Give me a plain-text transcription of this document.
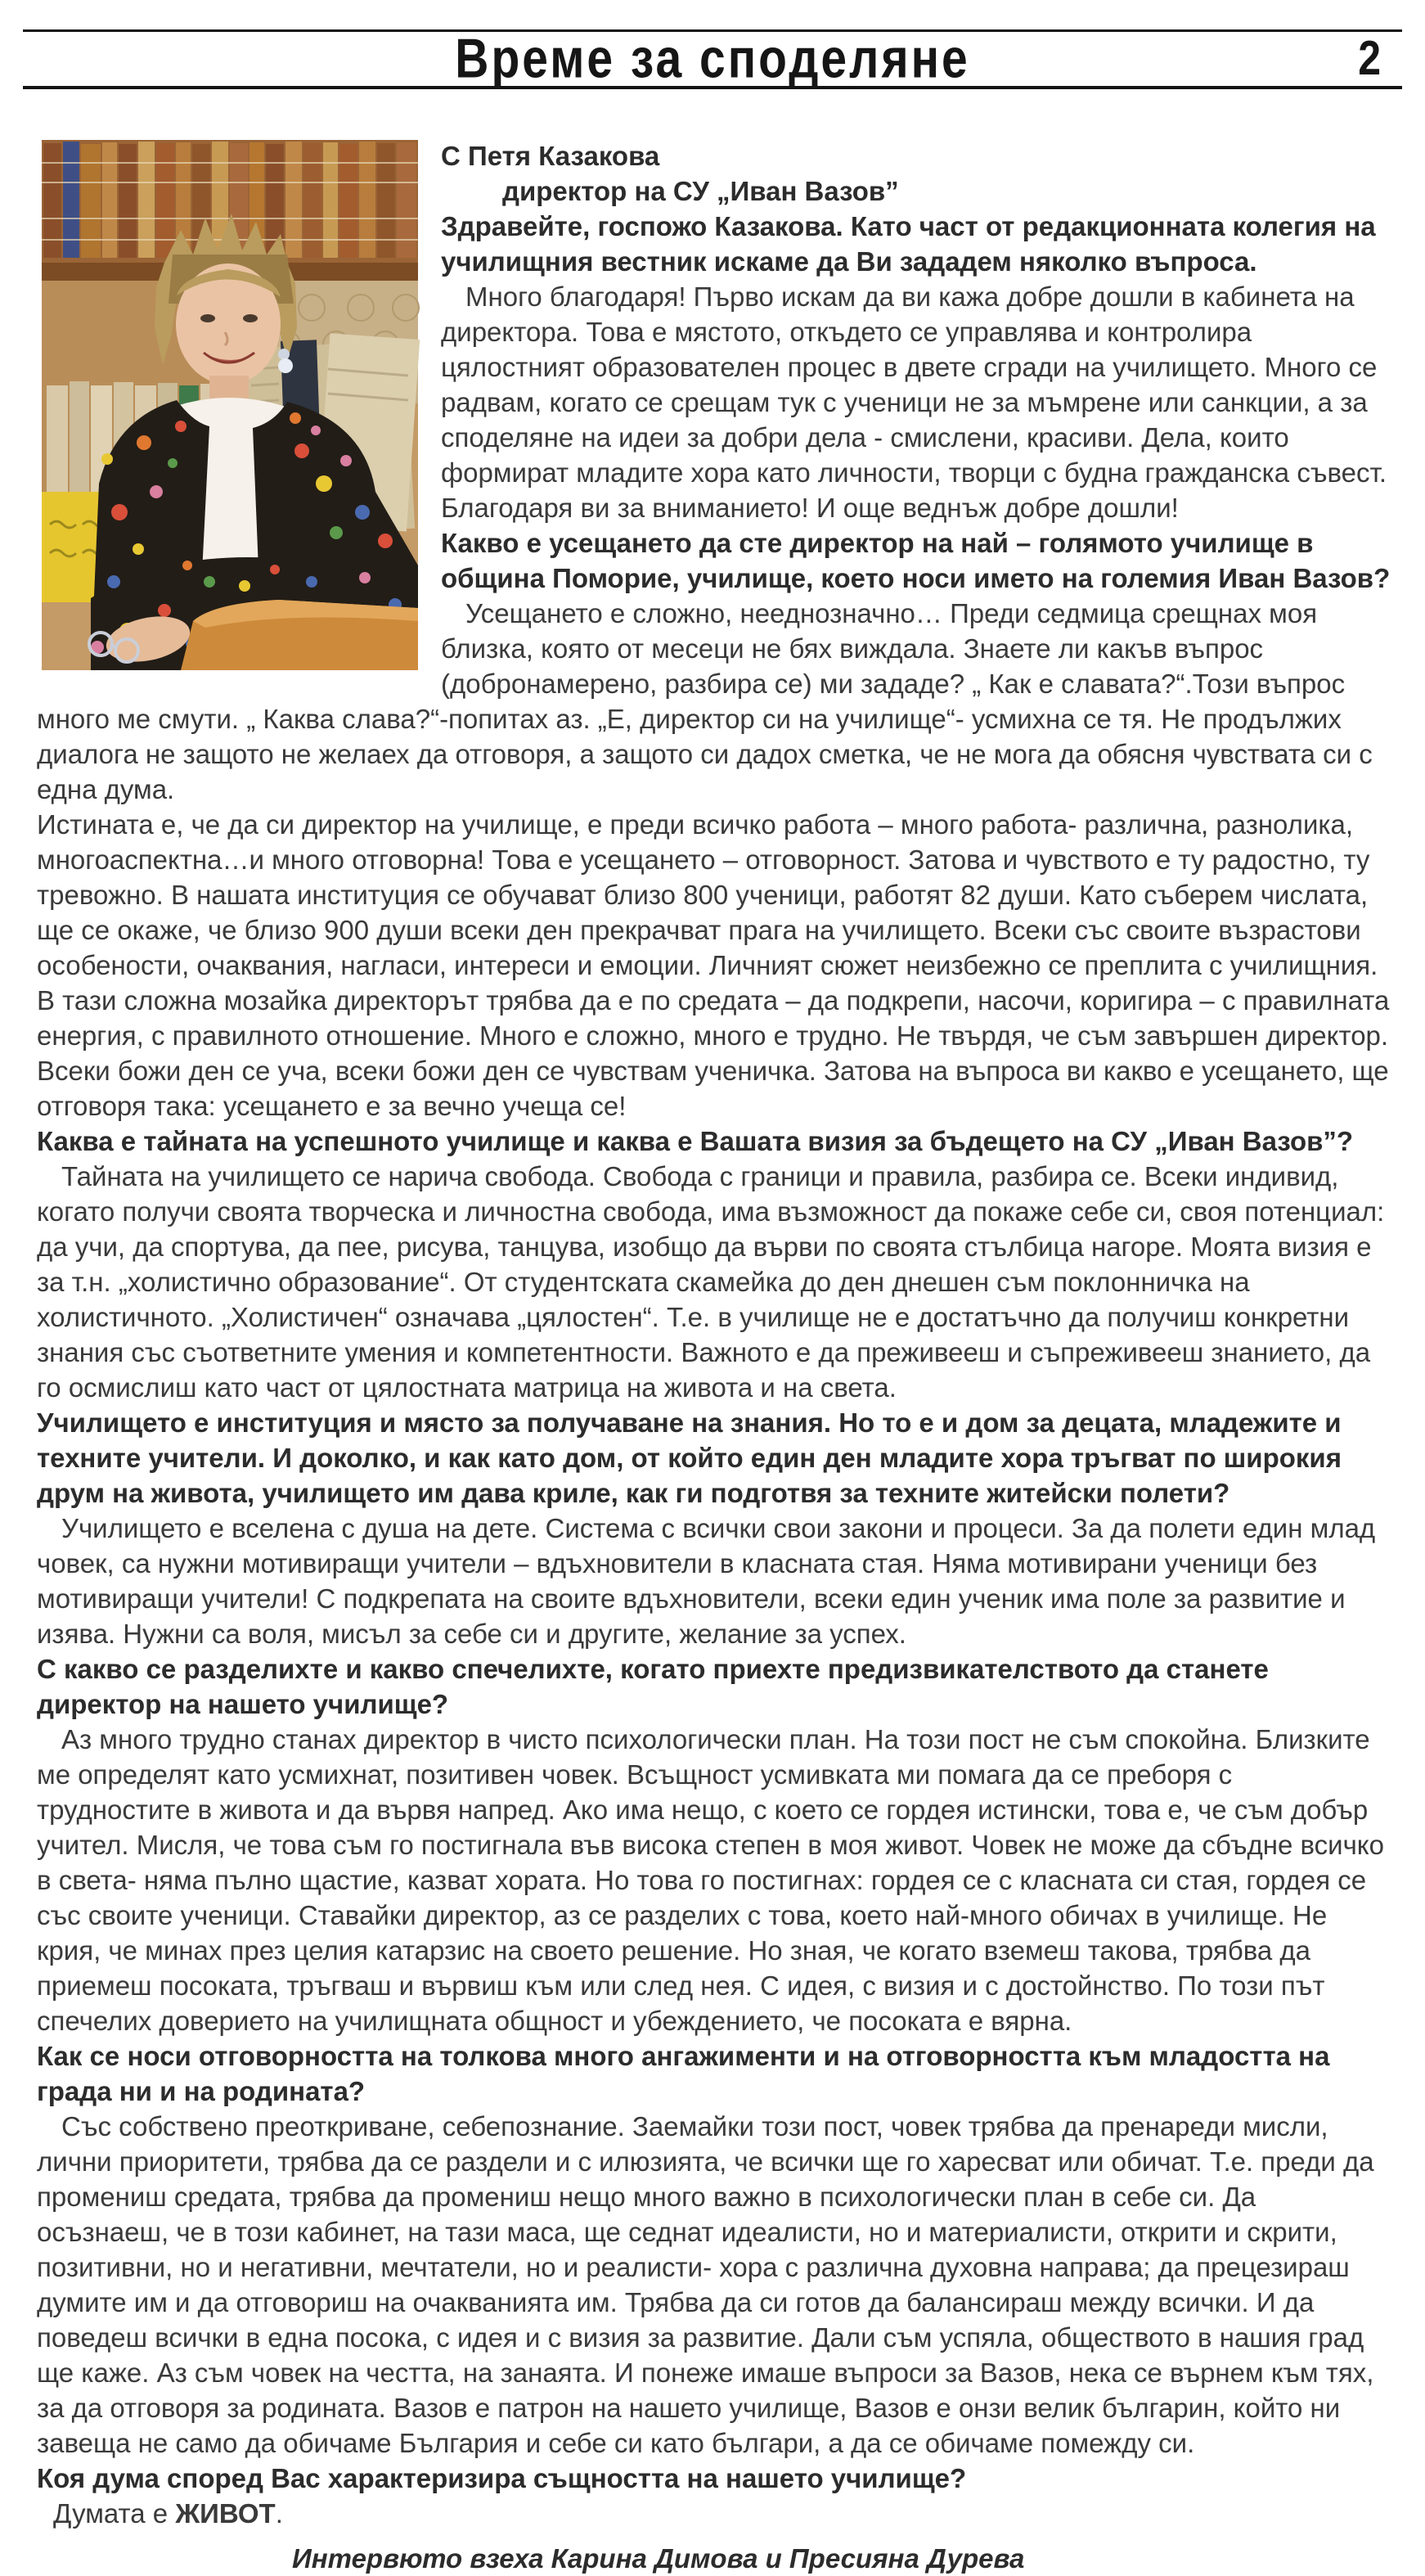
Време за споделяне	2

С Петя Казакова

директор на СУ „Иван Вазов”

Здравейте, госпожо Казакова. Като част от редакционната колегия на училищния вестник искаме да Ви зададем няколко въпроса.

Много благодаря! Първо искам да ви кажа добре дошли в кабинета на директора. Това е мястото, откъдето се управлява и контролира цялостният образователен процес в двете сгради на училището. Много се радвам, когато се срещам тук с ученици не за мъмрене или санкции, а за споделяне на идеи за добри дела - смислени, красиви. Дела, които формират младите хора като личности, творци с будна гражданска съвест. Благодаря ви за вниманието! И още веднъж добре дошли!

Какво е усещането да сте директор на най – голямото училище в община Поморие, училище, което носи името на големия Иван Вазов?

Усещането е сложно, нееднозначно… Преди седмица срещнах моя близка, която от месеци не бях виждала. Знаете ли какъв въпрос (добронамерено, разбира се) ми зададе? „ Как е славата?“.Този въпрос много ме смути. „ Каква слава?“-попитах аз. „Е, директор си на училище“- усмихна се тя. Не продължих диалога не защото не желаех да отговоря, а защото си дадох сметка, че не мога да обясня чувствата си с една дума.

Истината е, че да си директор на училище, е преди всичко работа – много работа- различна, разнолика, многоаспектна…и много отговорна! Това е усещането – отговорност. Затова и чувството е ту радостно, ту тревожно. В нашата институция се обучават близо 800 ученици, работят 82 души. Като съберем числата, ще се окаже, че близо 900 души всеки ден прекрачват прага на училището. Всеки със своите възрастови особености, очаквания, нагласи, интереси и емоции. Личният сюжет неизбежно се преплита с училищния. В тази сложна мозайка директорът трябва да е по средата – да подкрепи, насочи, коригира – с правилната енергия, с правилното отношение. Много е сложно, много е трудно. Не твърдя, че съм завършен директор. Всеки божи ден се уча, всеки божи ден се чувствам ученичка. Затова на въпроса ви какво е усещането, ще отговоря така: усещането е за вечно учеща се!

Каква е тайната на успешното училище и каква е Вашата визия за бъдещето на СУ „Иван Вазов”?

Тайната на училището се нарича свобода. Свобода с граници и правила, разбира се. Всеки индивид, когато получи своята творческа и личностна свобода, има възможност да покаже себе си, своя потенциал: да учи, да спортува, да пее, рисува, танцува, изобщо да върви по своята стълбица нагоре. Моята визия е за т.н. „холистично образование“. От студентската скамейка до ден днешен съм поклонничка на холистичното. „Холистичен“ означава „цялостен“. Т.е. в училище не е достатъчно да получиш конкретни знания със съответните умения и компетентности. Важното е да преживееш и съпреживееш знанието, да го осмислиш като част от цялостната матрица на живота и на света.

Училището е институция и място за получаване на знания. Но то е и дом за децата, младежите и техните учители. И доколко, и как като дом, от който един ден младите хора тръгват по широкия друм на живота, училището им дава криле, как ги подготвя за техните житейски полети?

Училището е вселена с душа на дете. Система с всички свои закони и процеси. За да полети един млад човек, са нужни мотивиращи учители – вдъхновители в класната стая. Няма мотивирани ученици без мотивиращи учители! С подкрепата на своите вдъхновители, всеки един ученик има поле за развитие и изява. Нужни са воля, мисъл за себе си и другите, желание за успех.

С какво се разделихте и какво спечелихте, когато приехте предизвикателството да станете директор на нашето училище?

Аз много трудно станах директор в чисто психологически план. На този пост не съм спокойна. Близките ме определят като усмихнат, позитивен човек. Всъщност усмивката ми помага да се преборя с трудностите в живота и да вървя напред. Ако има нещо, с което се гордея истински, това е, че съм добър учител. Мисля, че това съм го постигнала във висока степен в моя живот. Човек не може да сбъдне всичко в света- няма пълно щастие, казват хората. Но това го постигнах: гордея се с класната си стая, гордея се със своите ученици. Ставайки директор, аз се разделих с това, което най-много обичах в училище. Не крия, че минах през целия катарзис на своето решение. Но зная, че когато вземеш такова, трябва да приемеш посоката, тръгваш и вървиш към или след нея. С идея, с визия и с достойнство. По този път спечелих доверието на училищната общност и убеждението, че посоката е вярна.

Как се носи отговорността на толкова много ангажименти и на отговорността към младостта на града ни и на родината?

Със собствено преоткриване, себепознание. Заемайки този пост, човек трябва да пренареди мисли, лични приоритети, трябва да се раздели и с илюзията, че всички ще го харесват или обичат. Т.е. преди да промениш средата, трябва да промениш нещо много важно в психологически план в себе си. Да осъзнаеш, че в този кабинет, на тази маса, ще седнат идеалисти, но и материалисти, открити и скрити, позитивни, но и негативни, мечтатели, но и реалисти- хора с различна духовна направа; да прецезираш думите им и да отговориш на очакванията им. Трябва да си готов да балансираш между всички. И да поведеш всички в една посока, с идея и с визия за развитие. Дали съм успяла, обществото в нашия град ще каже. Аз съм човек на честта, на занаята. И понеже имаше въпроси за Вазов, нека се върнем към тях, за да отговоря за родината. Вазов е патрон на нашето училище, Вазов е онзи велик българин, който ни завеща не само да обичаме България и себе си като българи, а да се обичаме помежду си.

Коя дума според Вас характеризира същността на нашето училище?

Думата е ЖИВОТ.

Интервюто взеха Карина Димова и Пресияна Дурева
